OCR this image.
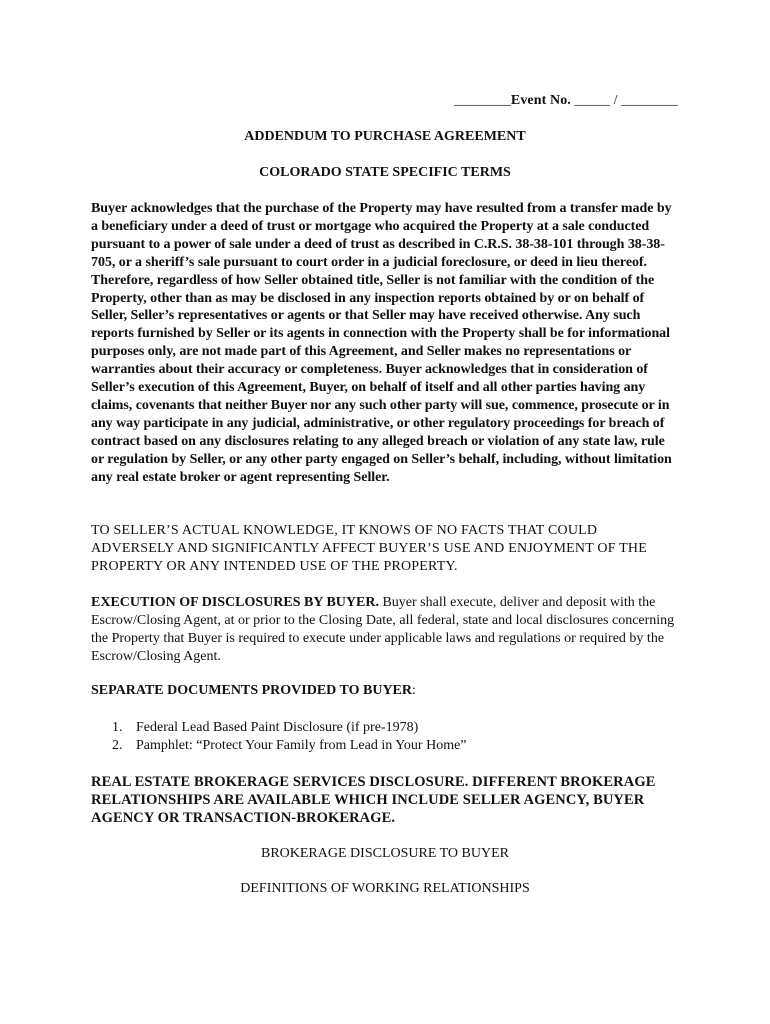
________Event No. _____ / ________
ADDENDUM TO PURCHASE AGREEMENT
COLORADO STATE SPECIFIC TERMS
Buyer acknowledges that the purchase of the Property may have resulted from a transfer made by a beneficiary under a deed of trust or mortgage who acquired the Property at a sale conducted pursuant to a power of sale under a deed of trust as described in C.R.S. 38-38-101 through 38-38-705, or a sheriff’s sale pursuant to court order in a judicial foreclosure, or deed in lieu thereof. Therefore, regardless of how Seller obtained title, Seller is not familiar with the condition of the Property, other than as may be disclosed in any inspection reports obtained by or on behalf of Seller, Seller’s representatives or agents or that Seller may have received otherwise. Any such reports furnished by Seller or its agents in connection with the Property shall be for informational purposes only, are not made part of this Agreement, and Seller makes no representations or warranties about their accuracy or completeness. Buyer acknowledges that in consideration of Seller’s execution of this Agreement, Buyer, on behalf of itself and all other parties having any claims, covenants that neither Buyer nor any such other party will sue, commence, prosecute or in any way participate in any judicial, administrative, or other regulatory proceedings for breach of contract based on any disclosures relating to any alleged breach or violation of any state law, rule or regulation by Seller, or any other party engaged on Seller’s behalf, including, without limitation any real estate broker or agent representing Seller.
TO SELLER’S ACTUAL KNOWLEDGE, IT KNOWS OF NO FACTS THAT COULD ADVERSELY AND SIGNIFICANTLY AFFECT BUYER’S USE AND ENJOYMENT OF THE PROPERTY OR ANY INTENDED USE OF THE PROPERTY.
EXECUTION OF DISCLOSURES BY BUYER. Buyer shall execute, deliver and deposit with the Escrow/Closing Agent, at or prior to the Closing Date, all federal, state and local disclosures concerning the Property that Buyer is required to execute under applicable laws and regulations or required by the Escrow/Closing Agent.
SEPARATE DOCUMENTS PROVIDED TO BUYER:
1. Federal Lead Based Paint Disclosure (if pre-1978)
2. Pamphlet: “Protect Your Family from Lead in Your Home”
REAL ESTATE BROKERAGE SERVICES DISCLOSURE. DIFFERENT BROKERAGE RELATIONSHIPS ARE AVAILABLE WHICH INCLUDE SELLER AGENCY, BUYER AGENCY OR TRANSACTION-BROKERAGE.
BROKERAGE DISCLOSURE TO BUYER
DEFINITIONS OF WORKING RELATIONSHIPS
